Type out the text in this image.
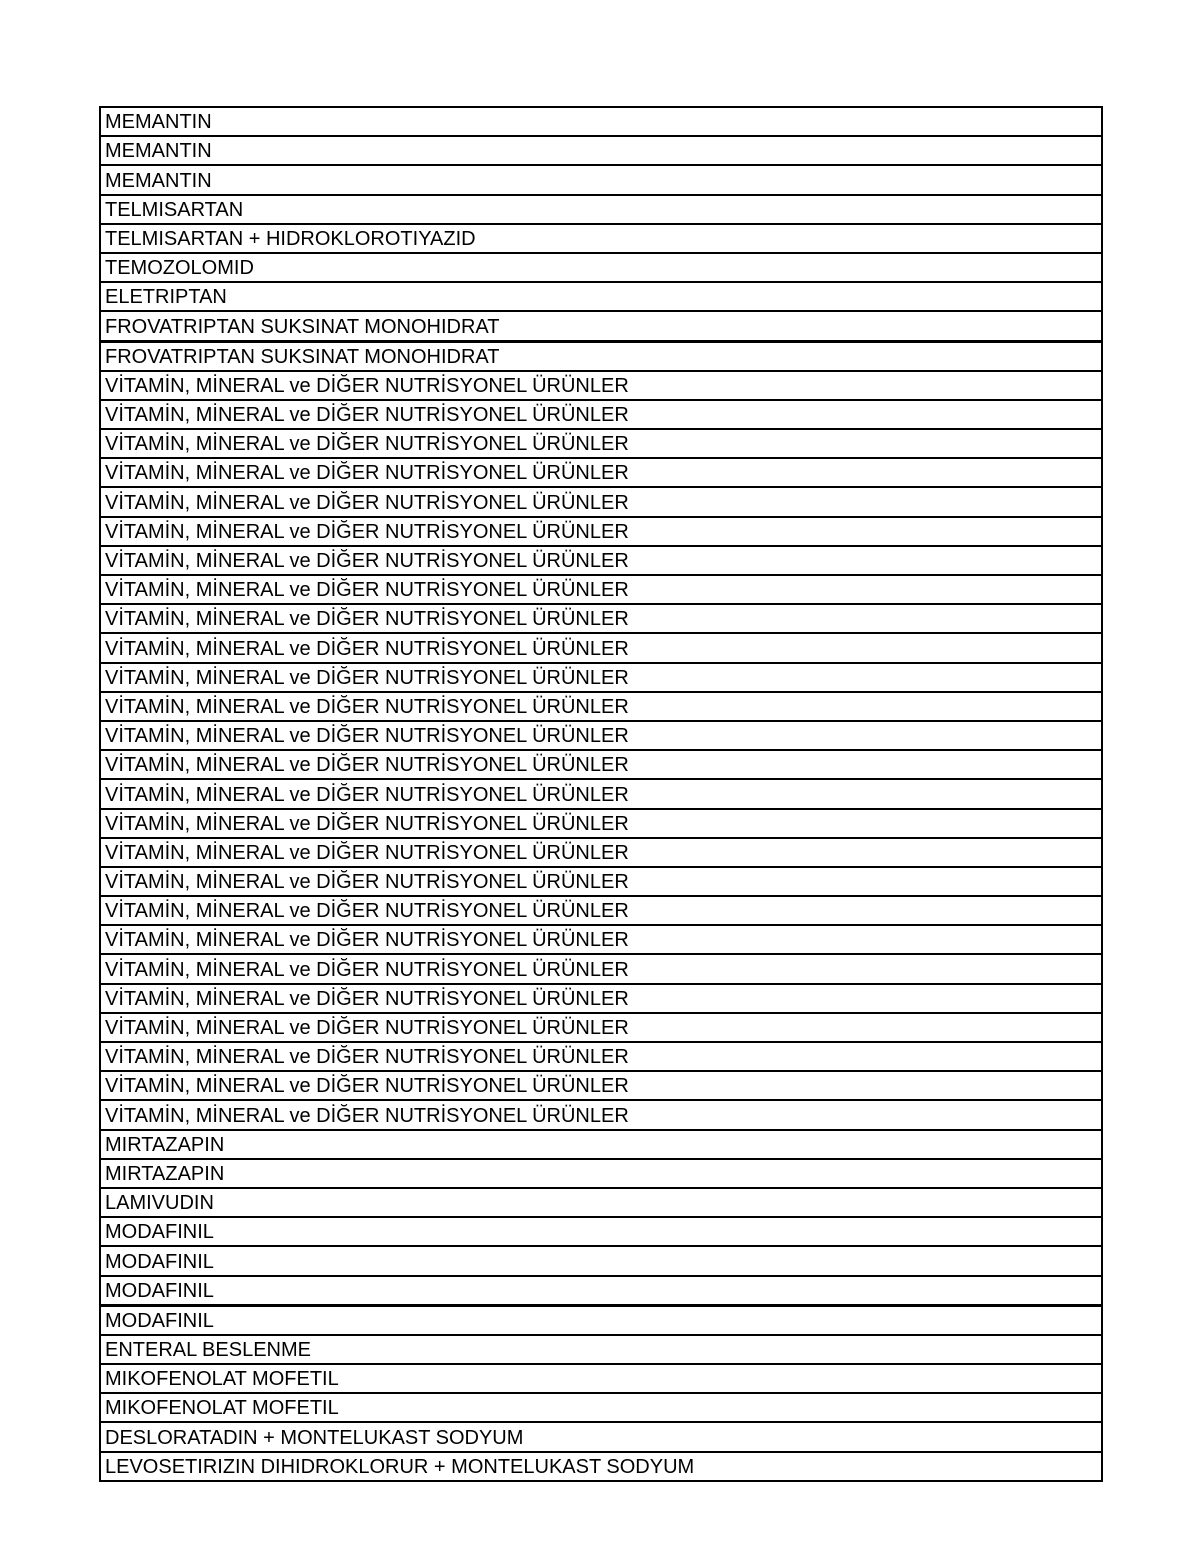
MEMANTIN
MEMANTIN
MEMANTIN
TELMISARTAN
TELMISARTAN + HIDROKLOROTIYAZID
TEMOZOLOMID
ELETRIPTAN
FROVATRIPTAN SUKSINAT MONOHIDRAT
FROVATRIPTAN SUKSINAT MONOHIDRAT
VİTAMİN, MİNERAL ve DİĞER NUTRİSYONEL ÜRÜNLER
VİTAMİN, MİNERAL ve DİĞER NUTRİSYONEL ÜRÜNLER
VİTAMİN, MİNERAL ve DİĞER NUTRİSYONEL ÜRÜNLER
VİTAMİN, MİNERAL ve DİĞER NUTRİSYONEL ÜRÜNLER
VİTAMİN, MİNERAL ve DİĞER NUTRİSYONEL ÜRÜNLER
VİTAMİN, MİNERAL ve DİĞER NUTRİSYONEL ÜRÜNLER
VİTAMİN, MİNERAL ve DİĞER NUTRİSYONEL ÜRÜNLER
VİTAMİN, MİNERAL ve DİĞER NUTRİSYONEL ÜRÜNLER
VİTAMİN, MİNERAL ve DİĞER NUTRİSYONEL ÜRÜNLER
VİTAMİN, MİNERAL ve DİĞER NUTRİSYONEL ÜRÜNLER
VİTAMİN, MİNERAL ve DİĞER NUTRİSYONEL ÜRÜNLER
VİTAMİN, MİNERAL ve DİĞER NUTRİSYONEL ÜRÜNLER
VİTAMİN, MİNERAL ve DİĞER NUTRİSYONEL ÜRÜNLER
VİTAMİN, MİNERAL ve DİĞER NUTRİSYONEL ÜRÜNLER
VİTAMİN, MİNERAL ve DİĞER NUTRİSYONEL ÜRÜNLER
VİTAMİN, MİNERAL ve DİĞER NUTRİSYONEL ÜRÜNLER
VİTAMİN, MİNERAL ve DİĞER NUTRİSYONEL ÜRÜNLER
VİTAMİN, MİNERAL ve DİĞER NUTRİSYONEL ÜRÜNLER
VİTAMİN, MİNERAL ve DİĞER NUTRİSYONEL ÜRÜNLER
VİTAMİN, MİNERAL ve DİĞER NUTRİSYONEL ÜRÜNLER
VİTAMİN, MİNERAL ve DİĞER NUTRİSYONEL ÜRÜNLER
VİTAMİN, MİNERAL ve DİĞER NUTRİSYONEL ÜRÜNLER
VİTAMİN, MİNERAL ve DİĞER NUTRİSYONEL ÜRÜNLER
VİTAMİN, MİNERAL ve DİĞER NUTRİSYONEL ÜRÜNLER
VİTAMİN, MİNERAL ve DİĞER NUTRİSYONEL ÜRÜNLER
VİTAMİN, MİNERAL ve DİĞER NUTRİSYONEL ÜRÜNLER
MIRTAZAPIN
MIRTAZAPIN
LAMIVUDIN
MODAFINIL
MODAFINIL
MODAFINIL
MODAFINIL
ENTERAL BESLENME
MIKOFENOLAT MOFETIL
MIKOFENOLAT MOFETIL
DESLORATADIN + MONTELUKAST SODYUM
LEVOSETIRIZIN DIHIDROKLORUR + MONTELUKAST SODYUM
